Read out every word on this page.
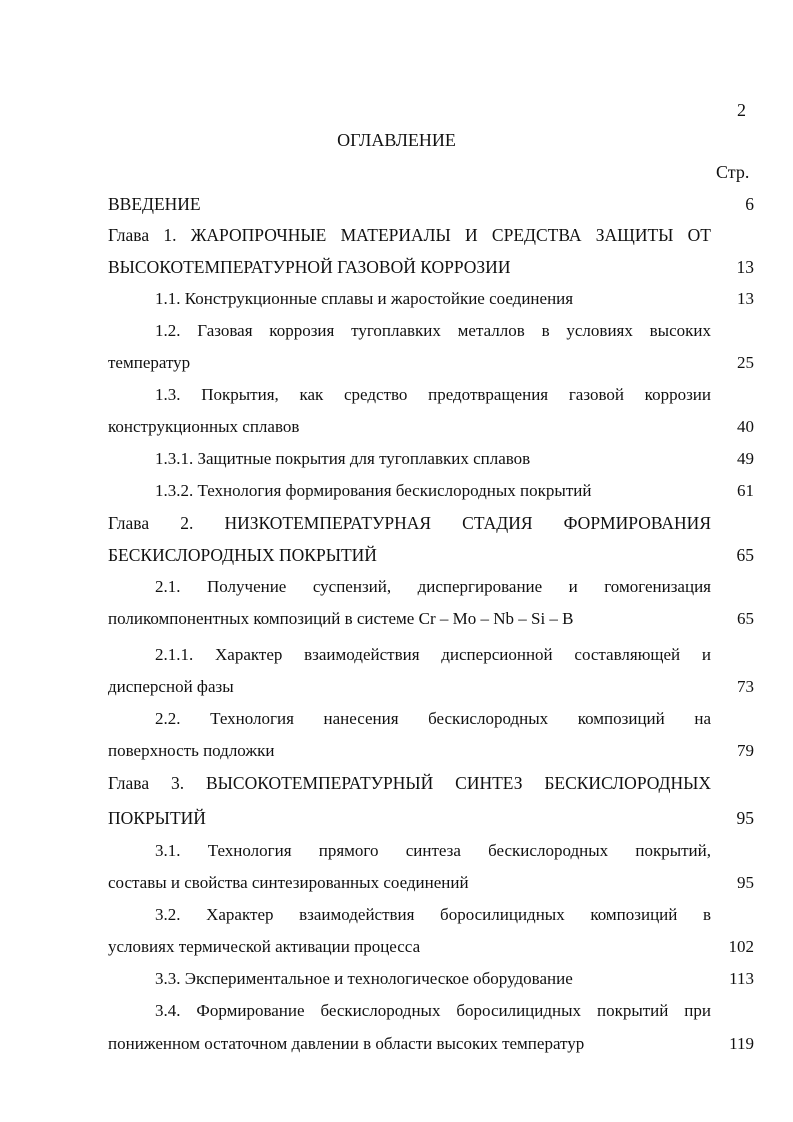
2
ОГЛАВЛЕНИЕ
Стр.
ВВЕДЕНИЕ	6
Глава 1. ЖАРОПРОЧНЫЕ МАТЕРИАЛЫ И СРЕДСТВА ЗАЩИТЫ ОТ
ВЫСОКОТЕМПЕРАТУРНОЙ ГАЗОВОЙ КОРРОЗИИ	13
1.1. Конструкционные сплавы и жаростойкие соединения	13
1.2. Газовая коррозия тугоплавких металлов в условиях высоких
температур	25
1.3. Покрытия, как средство предотвращения газовой коррозии
конструкционных сплавов	40
1.3.1. Защитные покрытия для тугоплавких сплавов	49
1.3.2. Технология формирования бескислородных покрытий	61
Глава 2. НИЗКОТЕМПЕРАТУРНАЯ СТАДИЯ ФОРМИРОВАНИЯ
БЕСКИСЛОРОДНЫХ ПОКРЫТИЙ	65
2.1. Получение суспензий, диспергирование и гомогенизация
поликомпонентных композиций в системе Cr – Mo – Nb – Si – B	65
2.1.1. Характер взаимодействия дисперсионной составляющей и
дисперсной фазы	73
2.2. Технология нанесения бескислородных композиций на
поверхность подложки	79
Глава 3. ВЫСОКОТЕМПЕРАТУРНЫЙ СИНТЕЗ БЕСКИСЛОРОДНЫХ
ПОКРЫТИЙ	95
3.1. Технология прямого синтеза бескислородных покрытий,
составы и свойства синтезированных соединений	95
3.2. Характер взаимодействия боросилицидных композиций в
условиях термической активации процесса	102
3.3. Экспериментальное и технологическое оборудование	113
3.4. Формирование бескислородных боросилицидных покрытий при
пониженном остаточном давлении в области высоких температур	119
